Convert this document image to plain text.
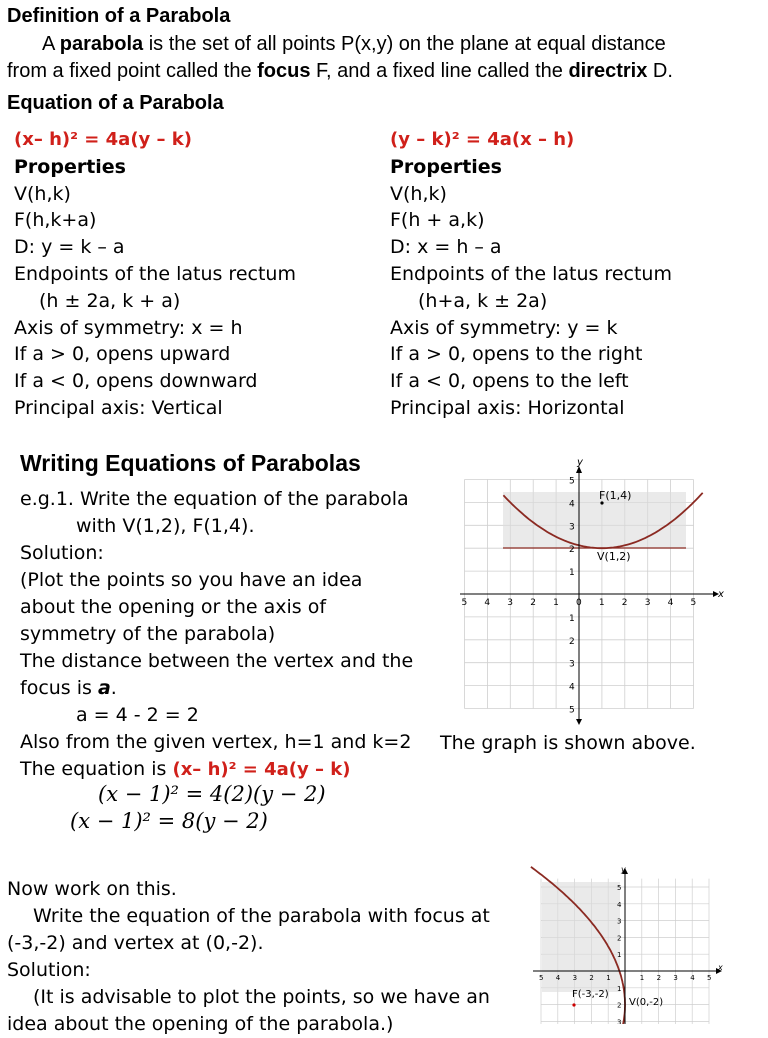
Definition of a Parabola
A parabola is the set of all points P(x,y) on the plane at equal distance
from a fixed point called the focus F, and a fixed line called the directrix D.
Equation of a Parabola
(x– h)² = 4a(y – k)
Properties
V(h,k)
F(h,k+a)
D: y = k – a
Endpoints of the latus rectum
(h ± 2a, k + a)
Axis of symmetry: x = h
If a > 0, opens upward
If a < 0, opens downward
Principal axis: Vertical
(y – k)² = 4a(x – h)
Properties
V(h,k)
F(h + a,k)
D: x = h – a
Endpoints of the latus rectum
(h+a, k ± 2a)
Axis of symmetry: y = k
If a > 0, opens to the right
If a < 0, opens to the left
Principal axis: Horizontal
Writing Equations of Parabolas
e.g.1. Write the equation of the parabola
with V(1,2), F(1,4).
Solution:
(Plot the points so you have an idea
about the opening or the axis of
symmetry of the parabola)
The distance between the vertex and the
focus is a.
a = 4 - 2 = 2
Also from the given vertex, h=1 and k=2
The equation is (x– h)² = 4a(y – k)
(x − 1)² = 4(2)(y − 2)
(x − 1)² = 8(y − 2)
The graph is shown above.
x
y
5 4 3 2 1 0 1 2 3 4 5
1
2
3
4
5
1
2
3
4
5
F(1,4)
V(1,2)
Now work on this.
Write the equation of the parabola with focus at
(-3,-2) and vertex at (0,-2).
Solution:
(It is advisable to plot the points, so we have an
idea about the opening of the parabola.)
x
y
5 4 3 2 1	1 2 3 4 5
5
4
3
2
1
1
2
3
F(-3,-2)
V(0,-2)
